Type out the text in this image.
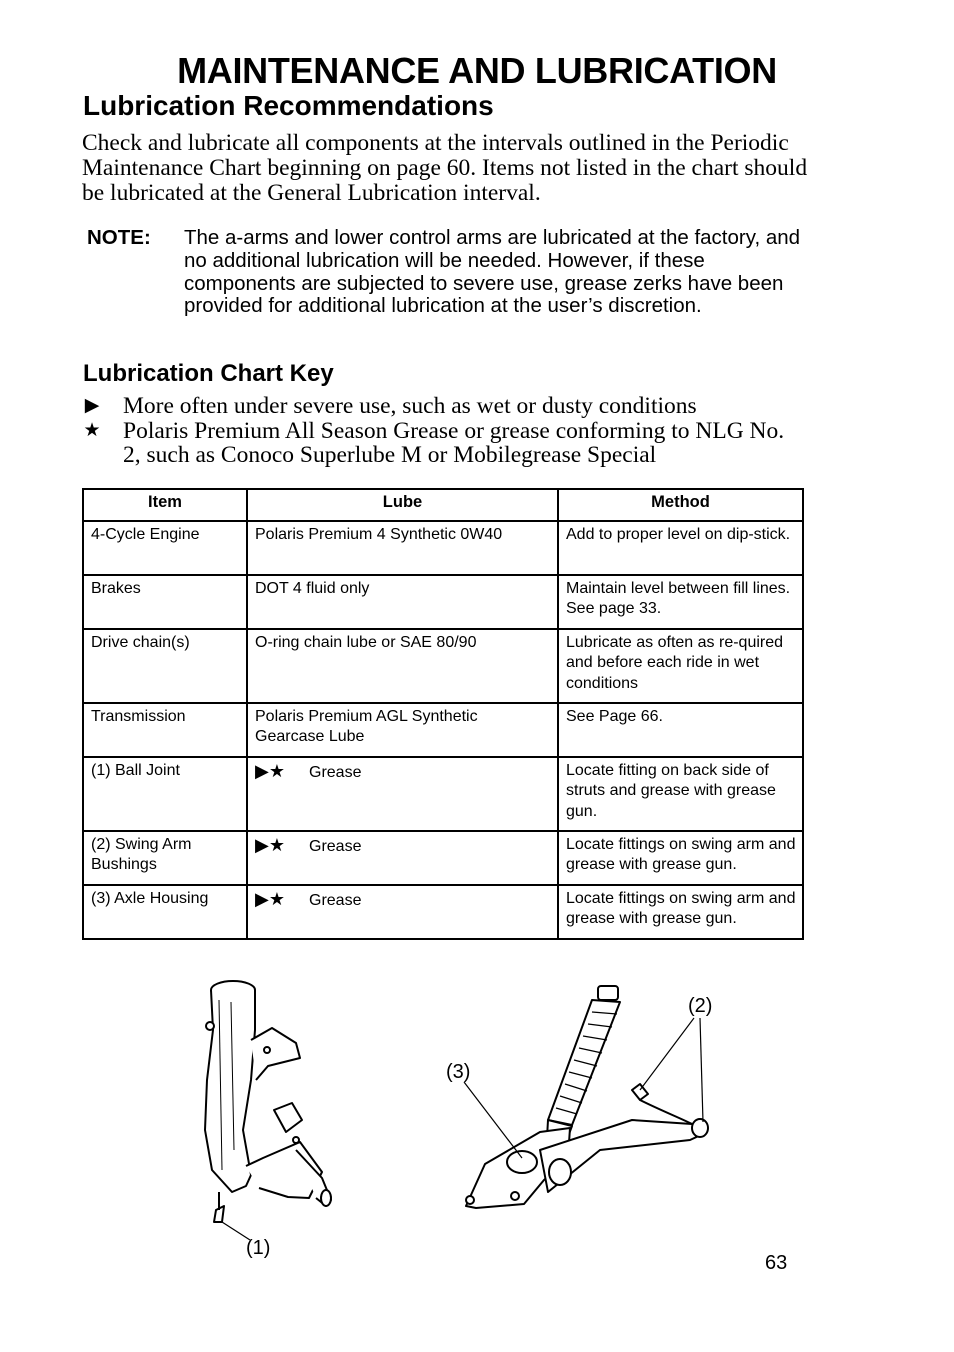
MAINTENANCE AND LUBRICATION
Lubrication Recommendations

Check and lubricate all components at the intervals outlined in the Periodic Maintenance Chart beginning on page 60. Items not listed in the chart should be lubricated at the General Lubrication interval.

NOTE: The a-arms and lower control arms are lubricated at the factory, and no additional lubrication will be needed. However, if these components are subjected to severe use, grease zerks have been provided for additional lubrication at the user’s discretion.
Lubrication Chart Key
▶ More often under severe use, such as wet or dusty conditions
★ Polaris Premium All Season Grease or grease conforming to NLG No. 2, such as Conoco Superlube M or Mobilegrease Special
Item	Lube	Method
4-Cycle Engine	Polaris Premium 4 Synthetic 0W40	Add to proper level on dip-stick.
Brakes	DOT 4 fluid only	Maintain level between fill lines. See page 33.
Drive chain(s)	O-ring chain lube or SAE 80/90	Lubricate as often as re-quired and before each ride in wet conditions
Transmission	Polaris Premium AGL Synthetic Gearcase Lube	See Page 66.
(1) Ball Joint	▶★ Grease	Locate fitting on back side of struts and grease with grease gun.
(2) Swing Arm Bushings	▶★ Grease	Locate fittings on swing arm and grease with grease gun.
(3) Axle Housing	▶★ Grease	Locate fittings on swing arm and grease with grease gun.
(1)
(3)
(2)
63
